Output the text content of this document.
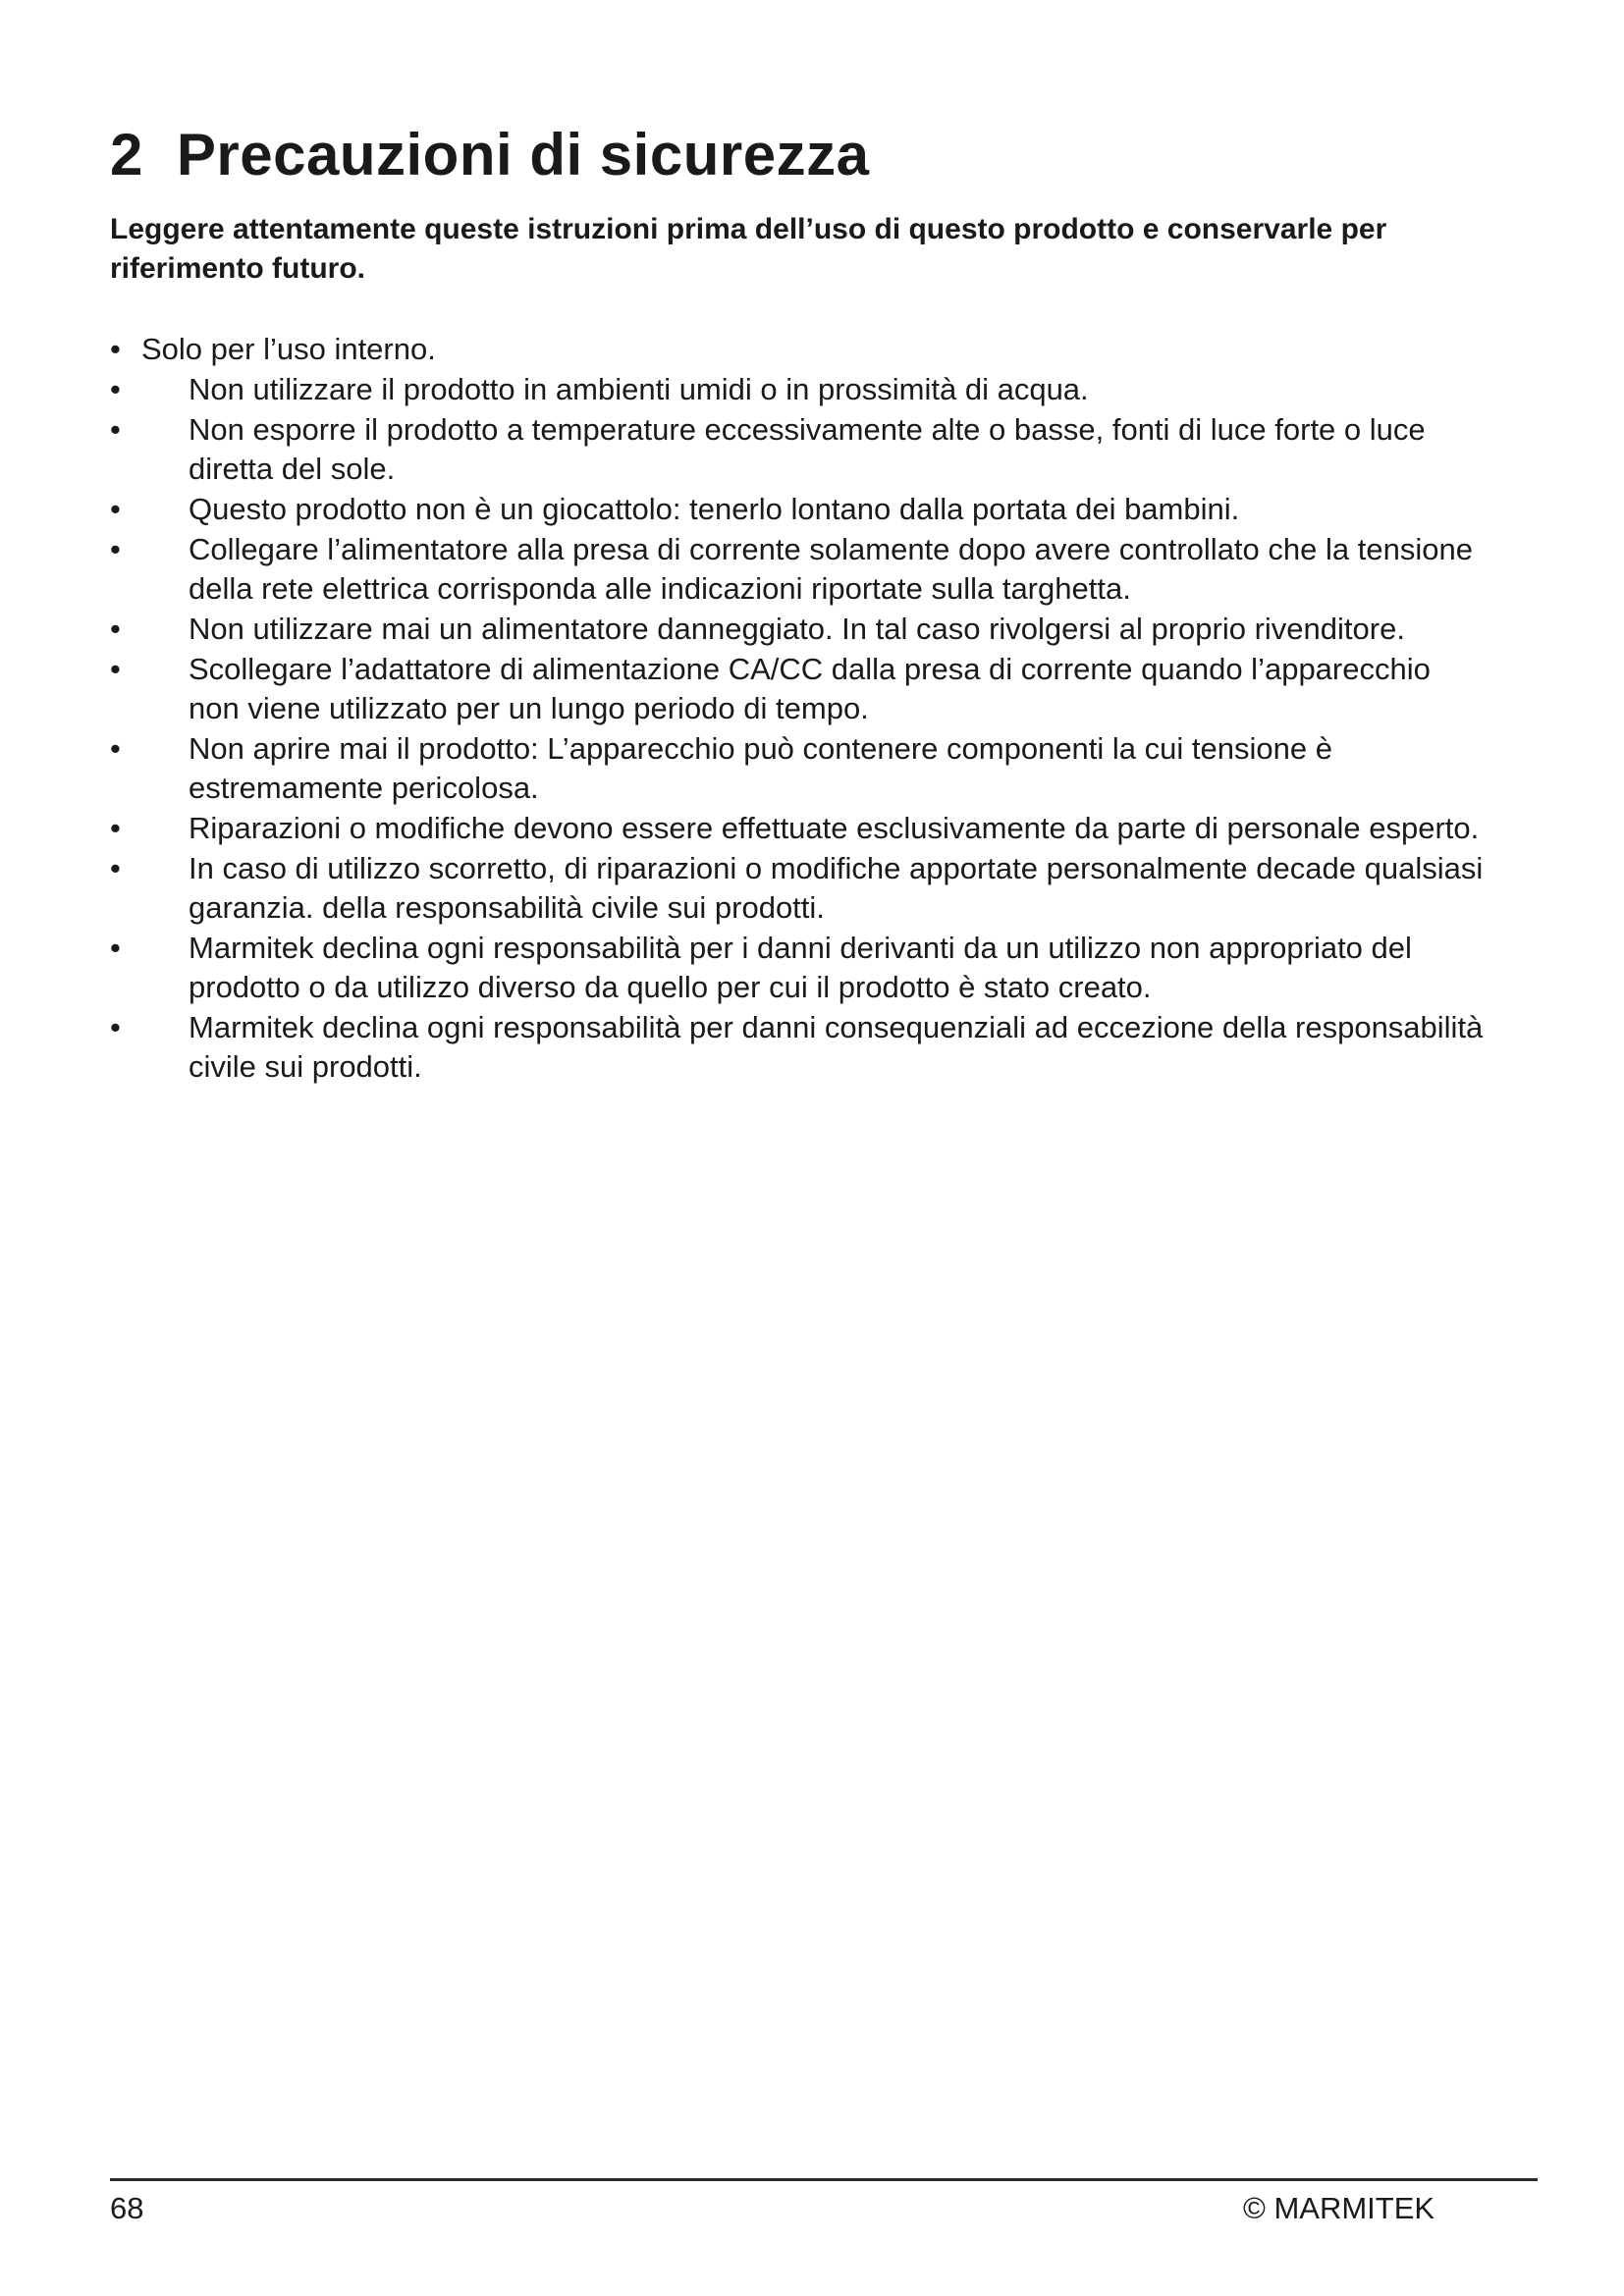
2 Precauzioni di sicurezza

Leggere attentamente queste istruzioni prima dell’uso di questo prodotto e conservarle per riferimento futuro.

• Solo per l’uso interno.
• Non utilizzare il prodotto in ambienti umidi o in prossimità di acqua.
• Non esporre il prodotto a temperature eccessivamente alte o basse, fonti di luce forte o luce diretta del sole.
• Questo prodotto non è un giocattolo: tenerlo lontano dalla portata dei bambini.
• Collegare l’alimentatore alla presa di corrente solamente dopo avere controllato che la tensione della rete elettrica corrisponda alle indicazioni riportate sulla targhetta.
• Non utilizzare mai un alimentatore danneggiato. In tal caso rivolgersi al proprio rivenditore.
• Scollegare l’adattatore di alimentazione CA/CC dalla presa di corrente quando l’apparecchio non viene utilizzato per un lungo periodo di tempo.
• Non aprire mai il prodotto: L’apparecchio può contenere componenti la cui tensione è estremamente pericolosa.
• Riparazioni o modifiche devono essere effettuate esclusivamente da parte di personale esperto.
• In caso di utilizzo scorretto, di riparazioni o modifiche apportate personalmente decade qualsiasi garanzia. della responsabilità civile sui prodotti.
• Marmitek declina ogni responsabilità per i danni derivanti da un utilizzo non appropriato del prodotto o da utilizzo diverso da quello per cui il prodotto è stato creato.
• Marmitek declina ogni responsabilità per danni consequenziali ad eccezione della responsabilità civile sui prodotti.
68	© MARMITEK
